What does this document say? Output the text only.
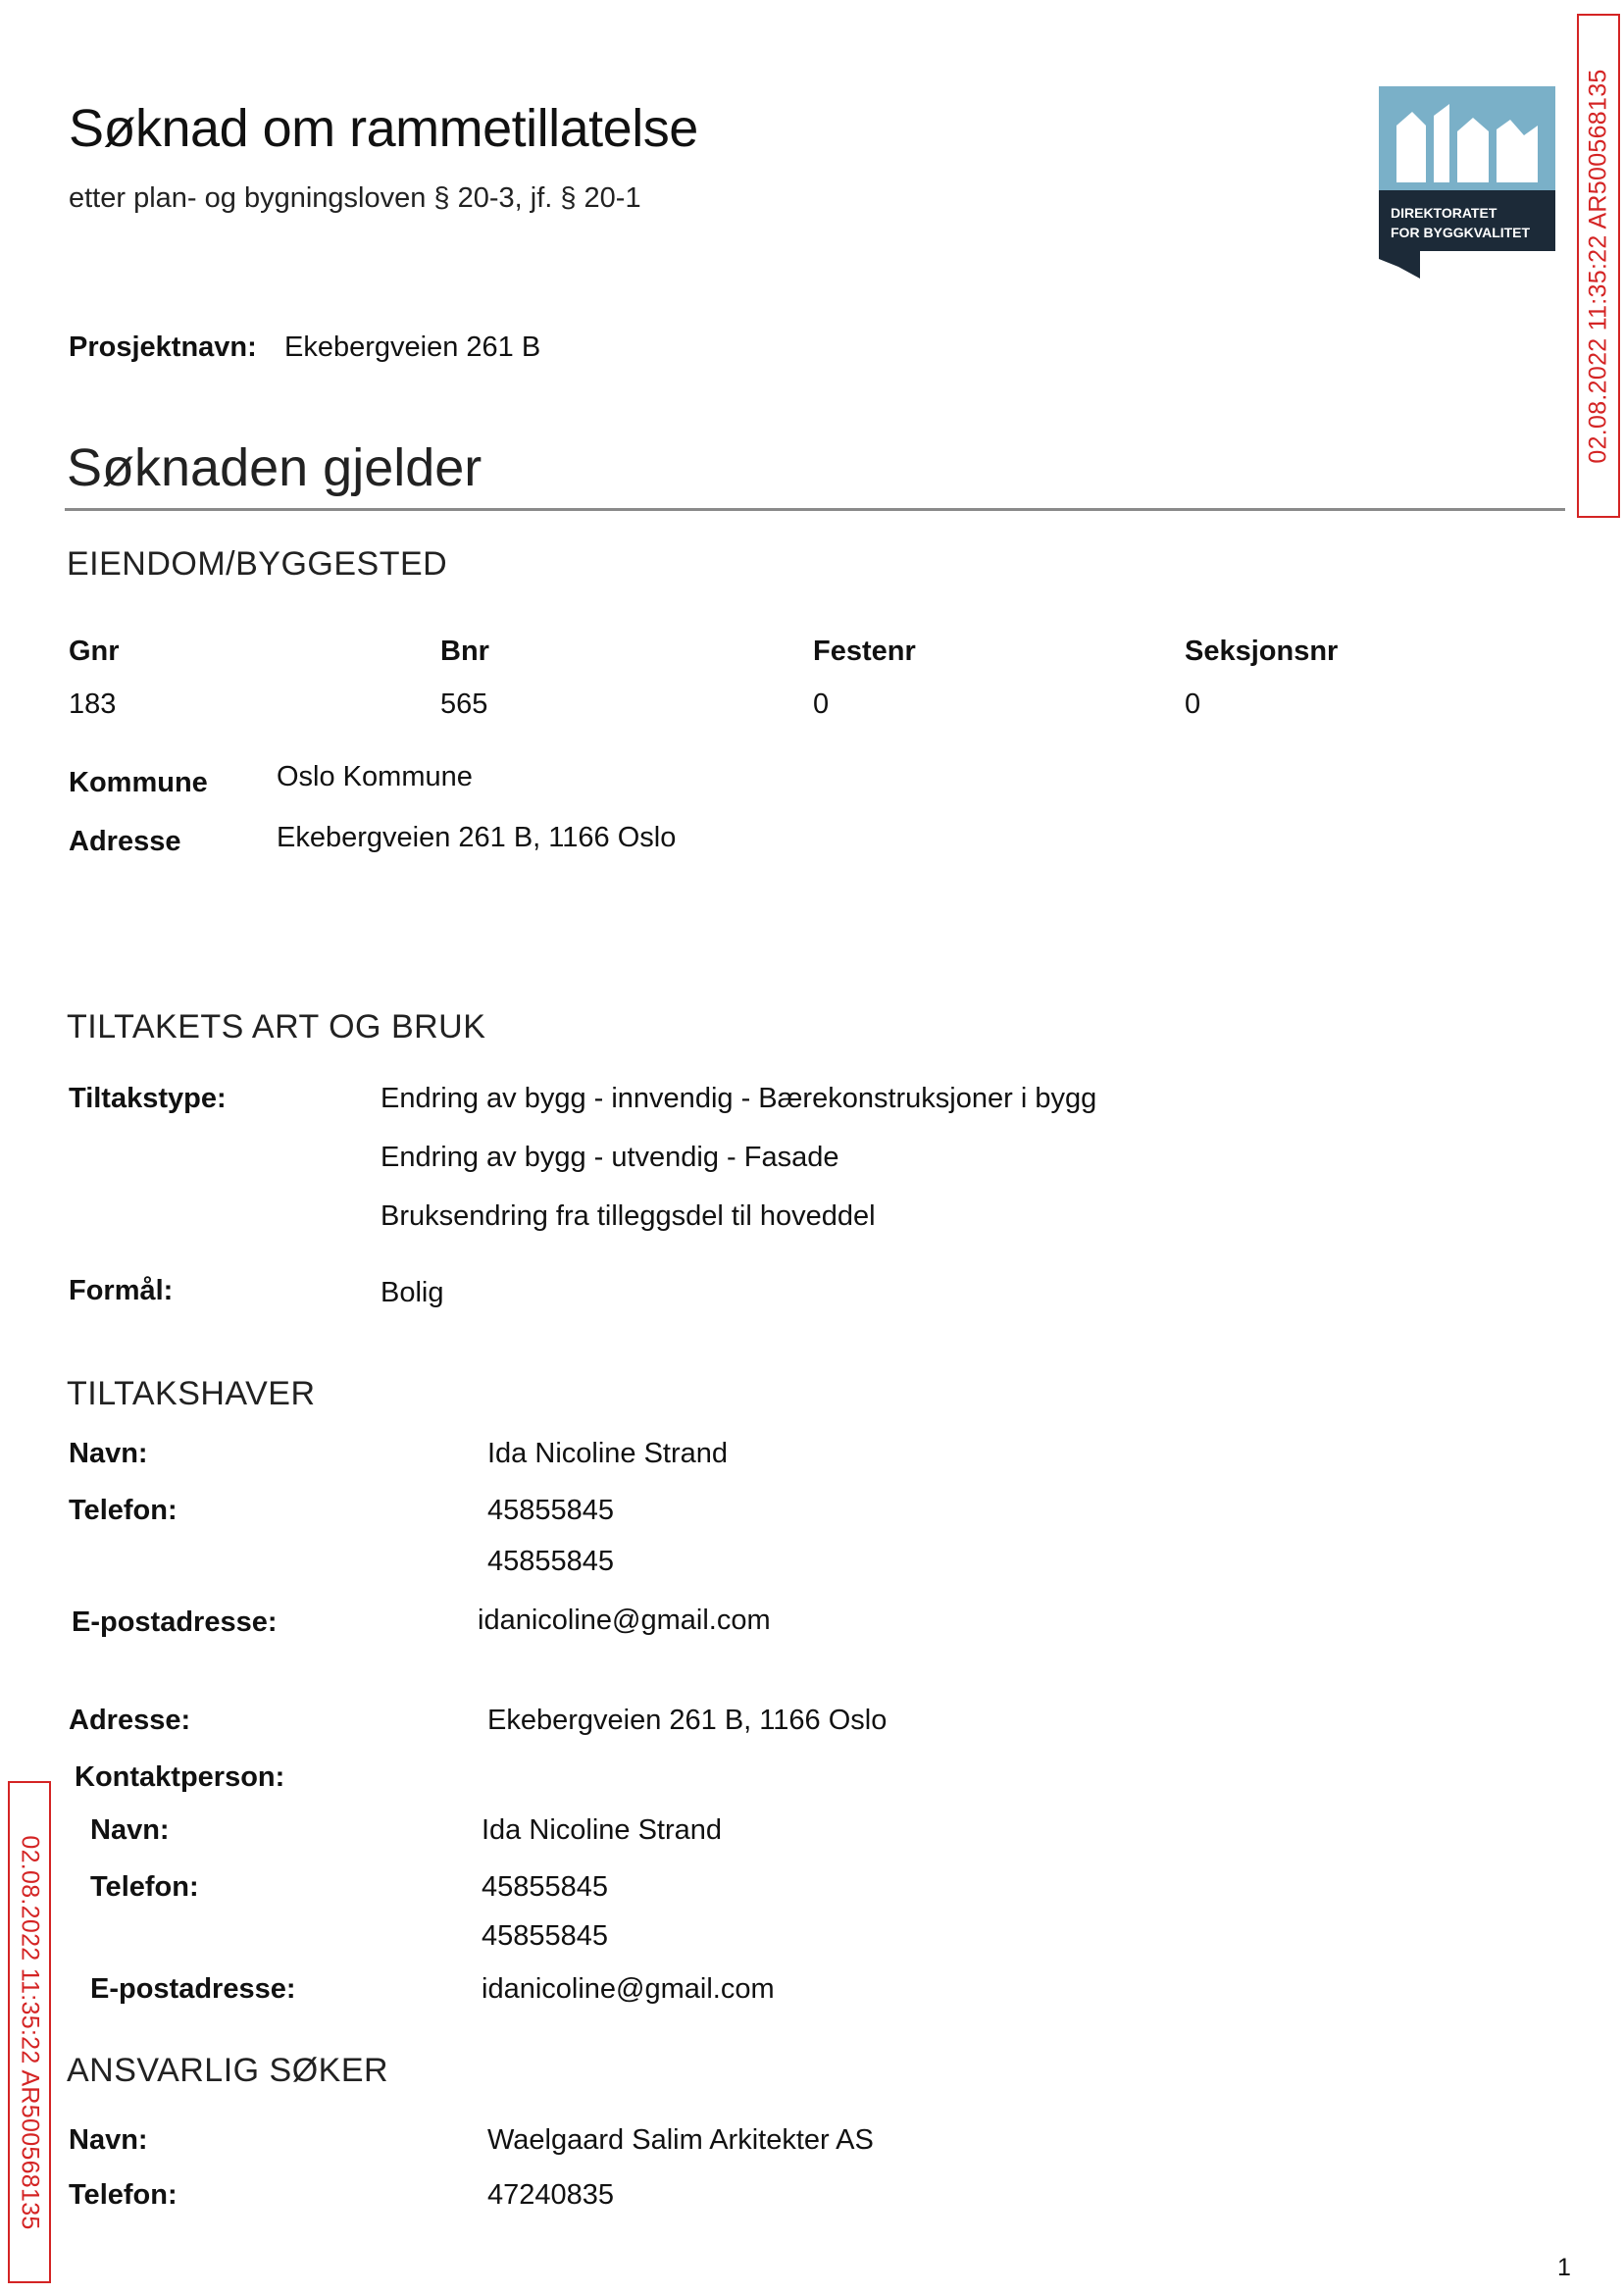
Søknad om rammetillatelse
etter plan- og bygningsloven § 20-3, jf. § 20-1	DIREKTORATET
FOR BYGGKVALITET 02.08.2022 11:35:22 AR500568135
02.08.2022 11:35:22 AR500568135
Prosjektnavn: Ekebergveien 261 B
Søknaden gjelder
EIENDOM/BYGGESTED
Gnr	Bnr	Festenr	Seksjonsnr
183	565	0	0
Kommune Oslo Kommune
Adresse	Ekebergveien 261 B, 1166 Oslo
TILTAKETS ART OG BRUK
Tiltakstype:	Endring av bygg - innvendig - Bærekonstruksjoner i bygg
Endring av bygg - utvendig - Fasade
Bruksendring fra tilleggsdel til hoveddel
Formål:	Bolig
TILTAKSHAVER
Navn:	Ida Nicoline Strand
Telefon:	45855845
45855845
E-postadresse:	idanicoline@gmail.com
Adresse:	Ekebergveien 261 B, 1166 Oslo
Kontaktperson:
Navn:	Ida Nicoline Strand
Telefon:	45855845
45855845
E-postadresse:	idanicoline@gmail.com
ANSVARLIG SØKER
Navn:	Waelgaard Salim Arkitekter AS
Telefon:	47240835
1
